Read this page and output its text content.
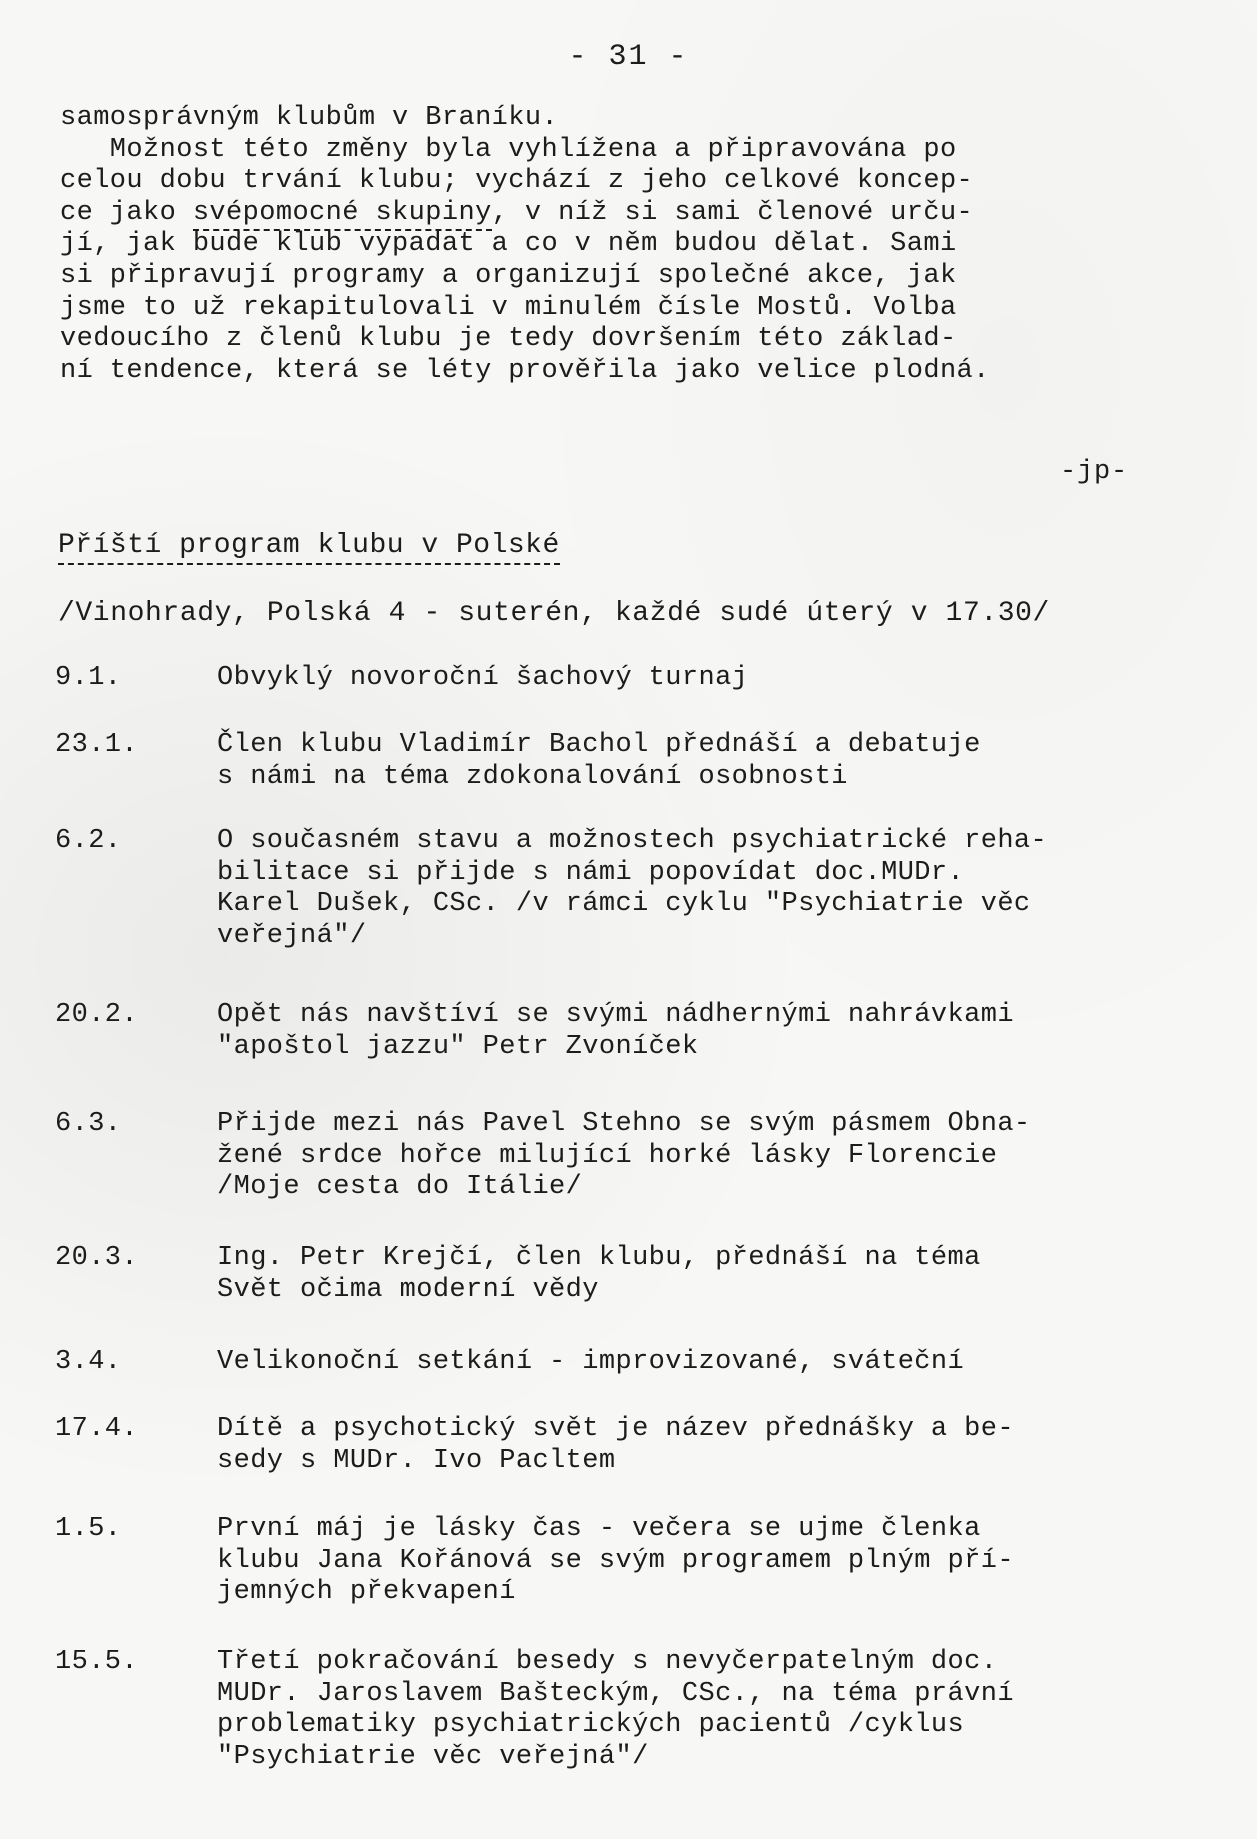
- 31 -

samosprávným klubům v Braníku.
Možnost této změny byla vyhlížena a připravována po
celou dobu trvání klubu; vychází z jeho celkové koncep-
ce jako svépomocné skupiny, v níž si sami členové urču-
jí, jak bude klub vypadat a co v něm budou dělat. Sami
si připravují programy a organizují společné akce, jak
jsme to už rekapitulovali v minulém čísle Mostů. Volba
vedoucího z členů klubu je tedy dovršením této základ-
ní tendence, která se léty prověřila jako velice plodná.

-jp-
Příští program klubu v Polské
/Vinohrady, Polská 4 - suterén, každé sudé úterý v 17.30/
9.1.	Obvyklý novoroční šachový turnaj

23.1.	Člen klubu Vladimír Bachol přednáší a debatuje
s námi na téma zdokonalování osobnosti

6.2.	O současném stavu a možnostech psychiatrické reha-
bilitace si přijde s námi popovídat doc.MUDr.
Karel Dušek, CSc. /v rámci cyklu "Psychiatrie věc
veřejná"/

20.2.	Opět nás navštíví se svými nádhernými nahrávkami
"apoštol jazzu" Petr Zvoníček

6.3.	Přijde mezi nás Pavel Stehno se svým pásmem Obna-
žené srdce hořce milující horké lásky Florencie
/Moje cesta do Itálie/

20.3.	Ing. Petr Krejčí, člen klubu, přednáší na téma
Svět očima moderní vědy

3.4.	Velikonoční setkání - improvizované, sváteční

17.4.	Dítě a psychotický svět je název přednášky a be-
sedy s MUDr. Ivo Pacltem

1.5.	První máj je lásky čas - večera se ujme členka
klubu Jana Kořánová se svým programem plným pří-
jemných překvapení

15.5.	Třetí pokračování besedy s nevyčerpatelným doc.
MUDr. Jaroslavem Bašteckým, CSc., na téma právní
problematiky psychiatrických pacientů /cyklus
"Psychiatrie věc veřejná"/
